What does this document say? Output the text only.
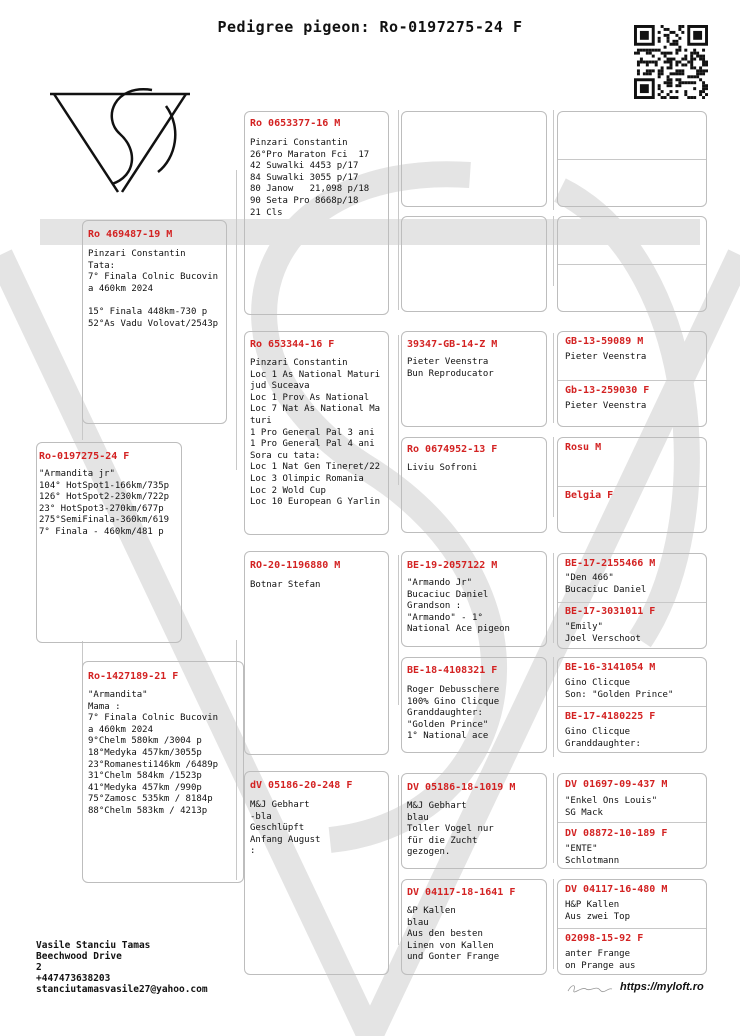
Pedigree pigeon: Ro-0197275-24 F
Ro-0197275-24 F
"Armandita jr"
104° HotSpot1-166km/735p
126° HotSpot2-230km/722p
23° HotSpot3-270km/677p
275°SemiFinala-360km/619
7° Finala - 460km/481 p
Ro 469487-19 M
Pinzari Constantin
Tata:
7° Finala Colnic Bucovin
a 460km 2024

15° Finala 448km-730 p
52°As Vadu Volovat/2543p
Ro-1427189-21 F
"Armandita"
Mama :
7° Finala Colnic Bucovin
a 460km 2024
9°Chelm 580km /3004 p
18°Medyka 457km/3055p
23°Romanesti146km /6489p
31°Chelm 584km /1523p
41°Medyka 457km /990p
75°Zamosc 535km / 8184p
88°Chelm 583km / 4213p
Ro 0653377-16 M
Pinzari Constantin
26°Pro Maraton Fci  17
42 Suwalki 4453 p/17
84 Suwalki 3055 p/17
80 Janow   21,098 p/18
90 Seta Pro 8668p/18
21 Cls
Ro 653344-16 F
Pinzari Constantin
Loc 1 As National Maturi
jud Suceava
Loc 1 Prov As National
Loc 7 Nat As National Ma
turi
1 Pro General Pal 3 ani
1 Pro General Pal 4 ani
Sora cu tata:
Loc 1 Nat Gen Tineret/22
Loc 3 Olimpic Romania
Loc 2 Wold Cup
Loc 10 European G Yarlin
RO-20-1196880 M
Botnar Stefan
dV 05186-20-248 F
M&J Gebhart
-bla
Geschlüpft
Anfang August
:
39347-GB-14-Z M
Pieter Veenstra
Bun Reproducator
Ro 0674952-13 F
Liviu Sofroni
BE-19-2057122 M
"Armando Jr"
Bucaciuc Daniel
Grandson :
"Armando" - 1°
National Ace pigeon
BE-18-4108321 F
Roger Debusschere
100% Gino Clicque
Granddaughter:
"Golden Prince"
1° National ace
DV 05186-18-1019 M
M&J Gebhart
blau
Toller Vogel nur
für die Zucht
gezogen.
DV 04117-18-1641 F
&P Kallen
blau
Aus den besten
Linen von Kallen
und Gonter Frange
GB-13-59089 M
Pieter Veenstra
Gb-13-259030 F
Pieter Veenstra
Rosu M
Belgia F
BE-17-2155466 M
"Den 466"
Bucaciuc Daniel
BE-17-3031011 F
"Emily"
Joel Verschoot
BE-16-3141054 M
Gino Clicque
Son: "Golden Prince"
BE-17-4180225 F
Gino Clicque
Granddaughter:
DV 01697-09-437 M
"Enkel Ons Louis"
SG Mack
DV 08872-10-189 F
"ENTE"
Schlotmann
DV 04117-16-480 M
H&P Kallen
Aus zwei Top
02098-15-92 F
anter Frange
on Prange aus
Vasile Stanciu Tamas
Beechwood Drive
2
+447473638203
stanciutamasvasile27@yahoo.com	https://myloft.ro
